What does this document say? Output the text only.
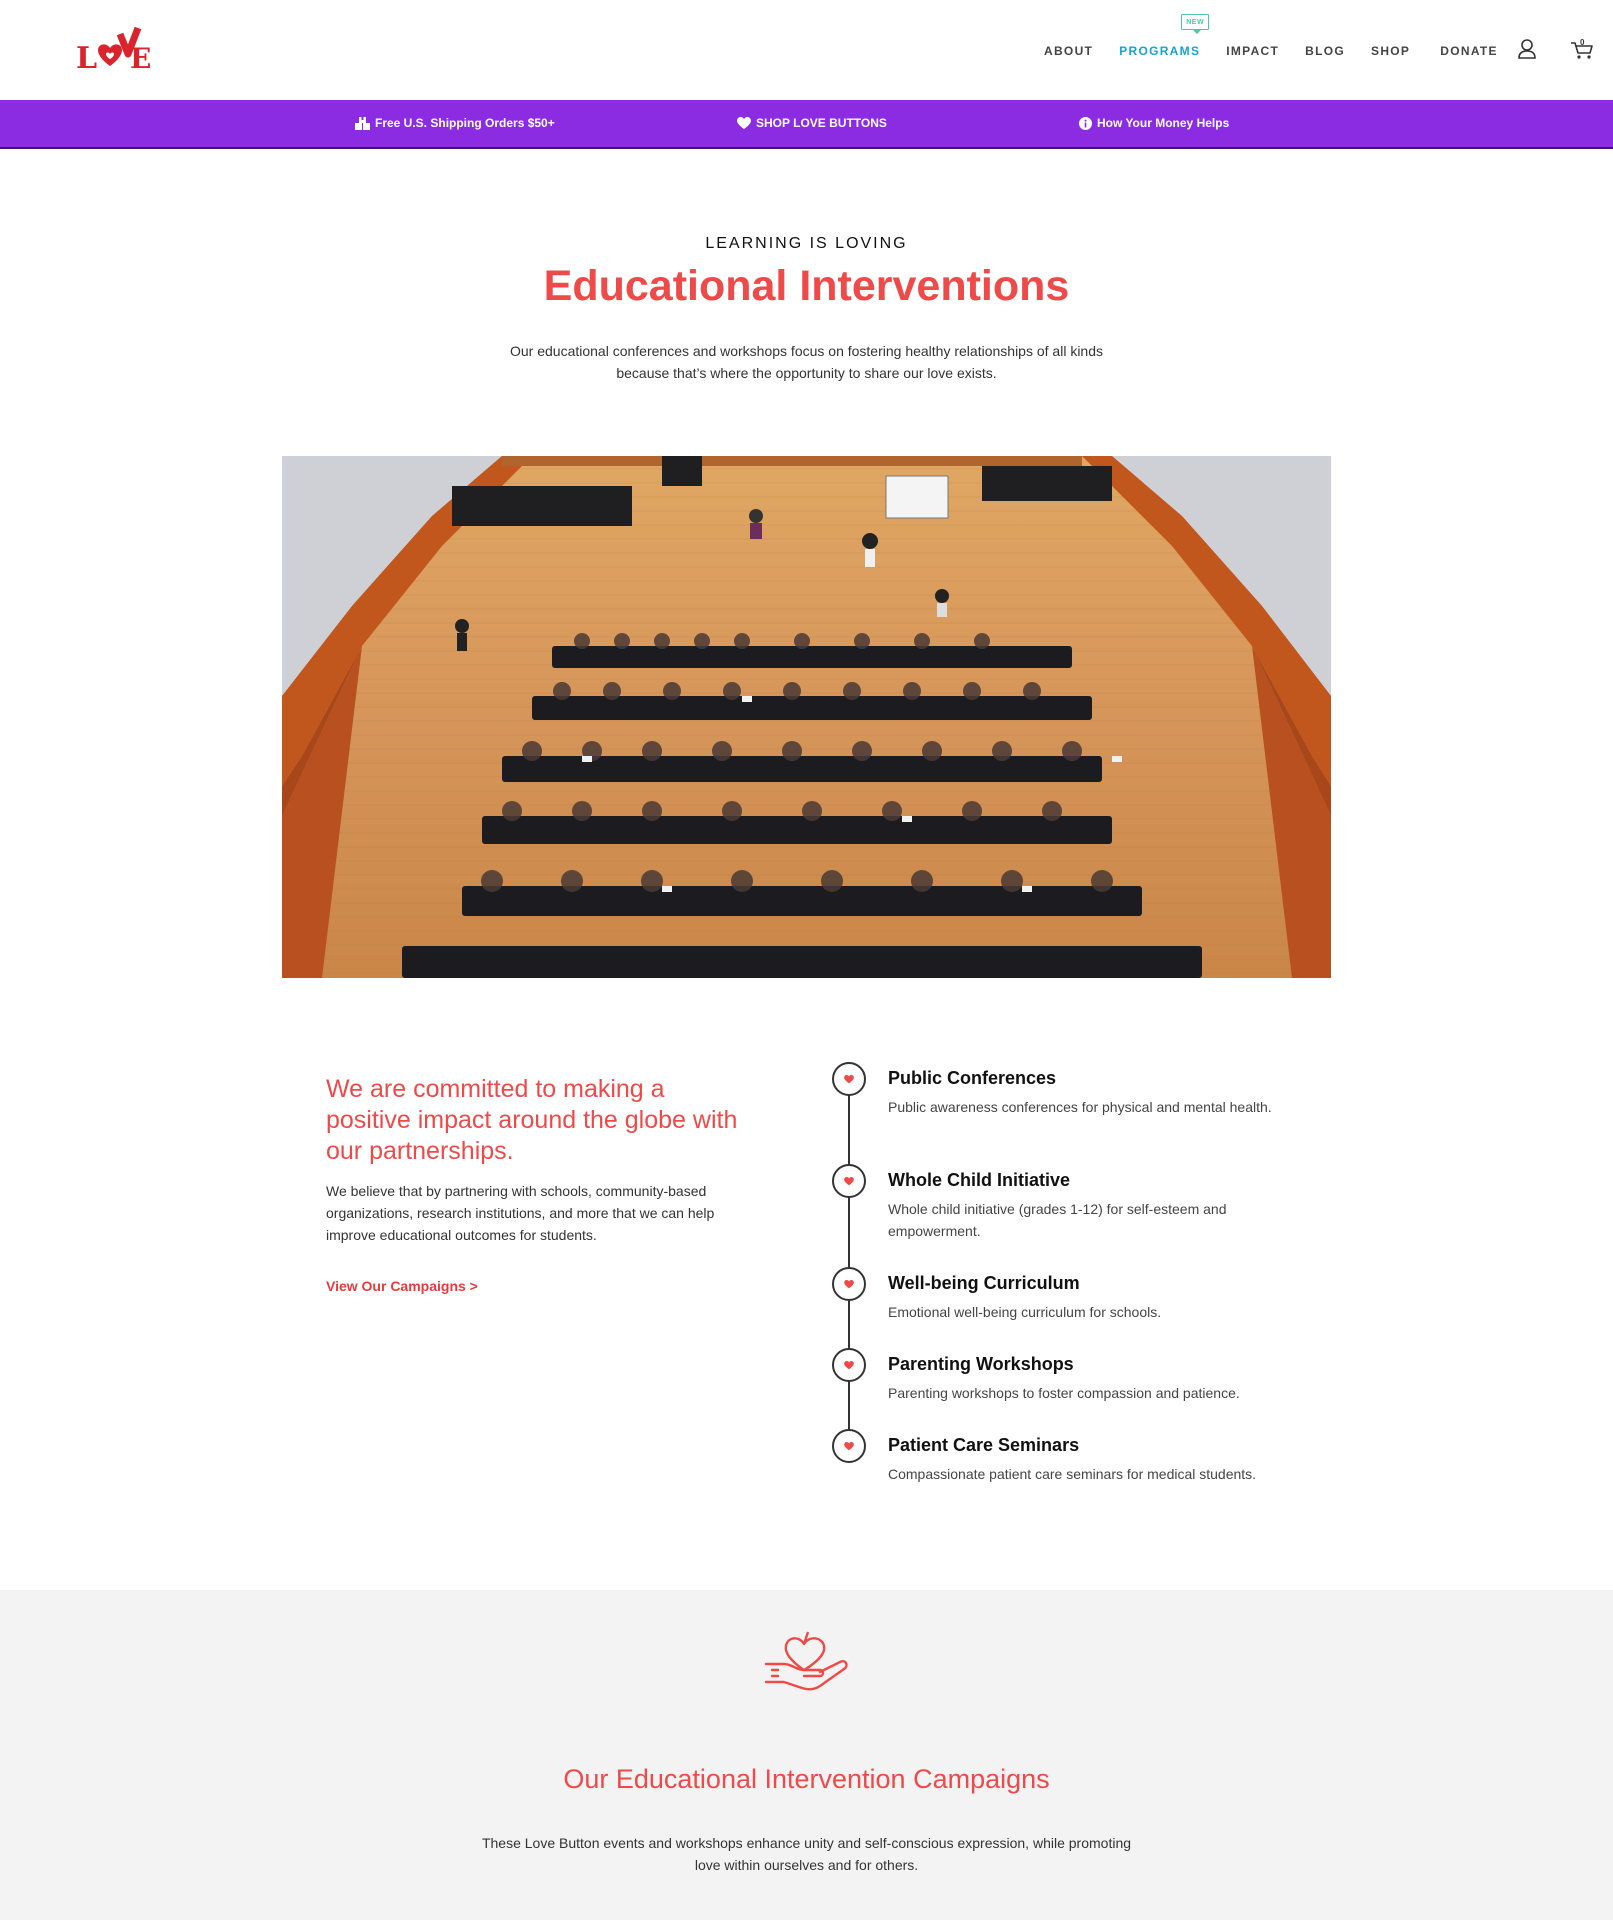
L E	ABOUT PROGRAMS
NEW
IMPACT BLOG SHOP	DONATE
0
Free U.S. Shipping Orders $50+	SHOP LOVE BUTTONS	How Your Money Helps
LEARNING IS LOVING
Educational Interventions
Our educational conferences and workshops focus on fostering healthy relationships of all kinds because that’s where the opportunity to share our love exists.
We are committed to making a positive impact around the globe with our partnerships.
We believe that by partnering with schools, community-based organizations, research institutions, and more that we can help improve educational outcomes for students.
View Our Campaigns >
Public Conferences
Public awareness conferences for physical and mental health.
Whole Child Initiative
Whole child initiative (grades 1-12) for self-esteem and empowerment.
Well-being Curriculum
Emotional well-being curriculum for schools.
Parenting Workshops
Parenting workshops to foster compassion and patience.
Patient Care Seminars
Compassionate patient care seminars for medical students.
Our Educational Intervention Campaigns
These Love Button events and workshops enhance unity and self-conscious expression, while promoting love within ourselves and for others.
